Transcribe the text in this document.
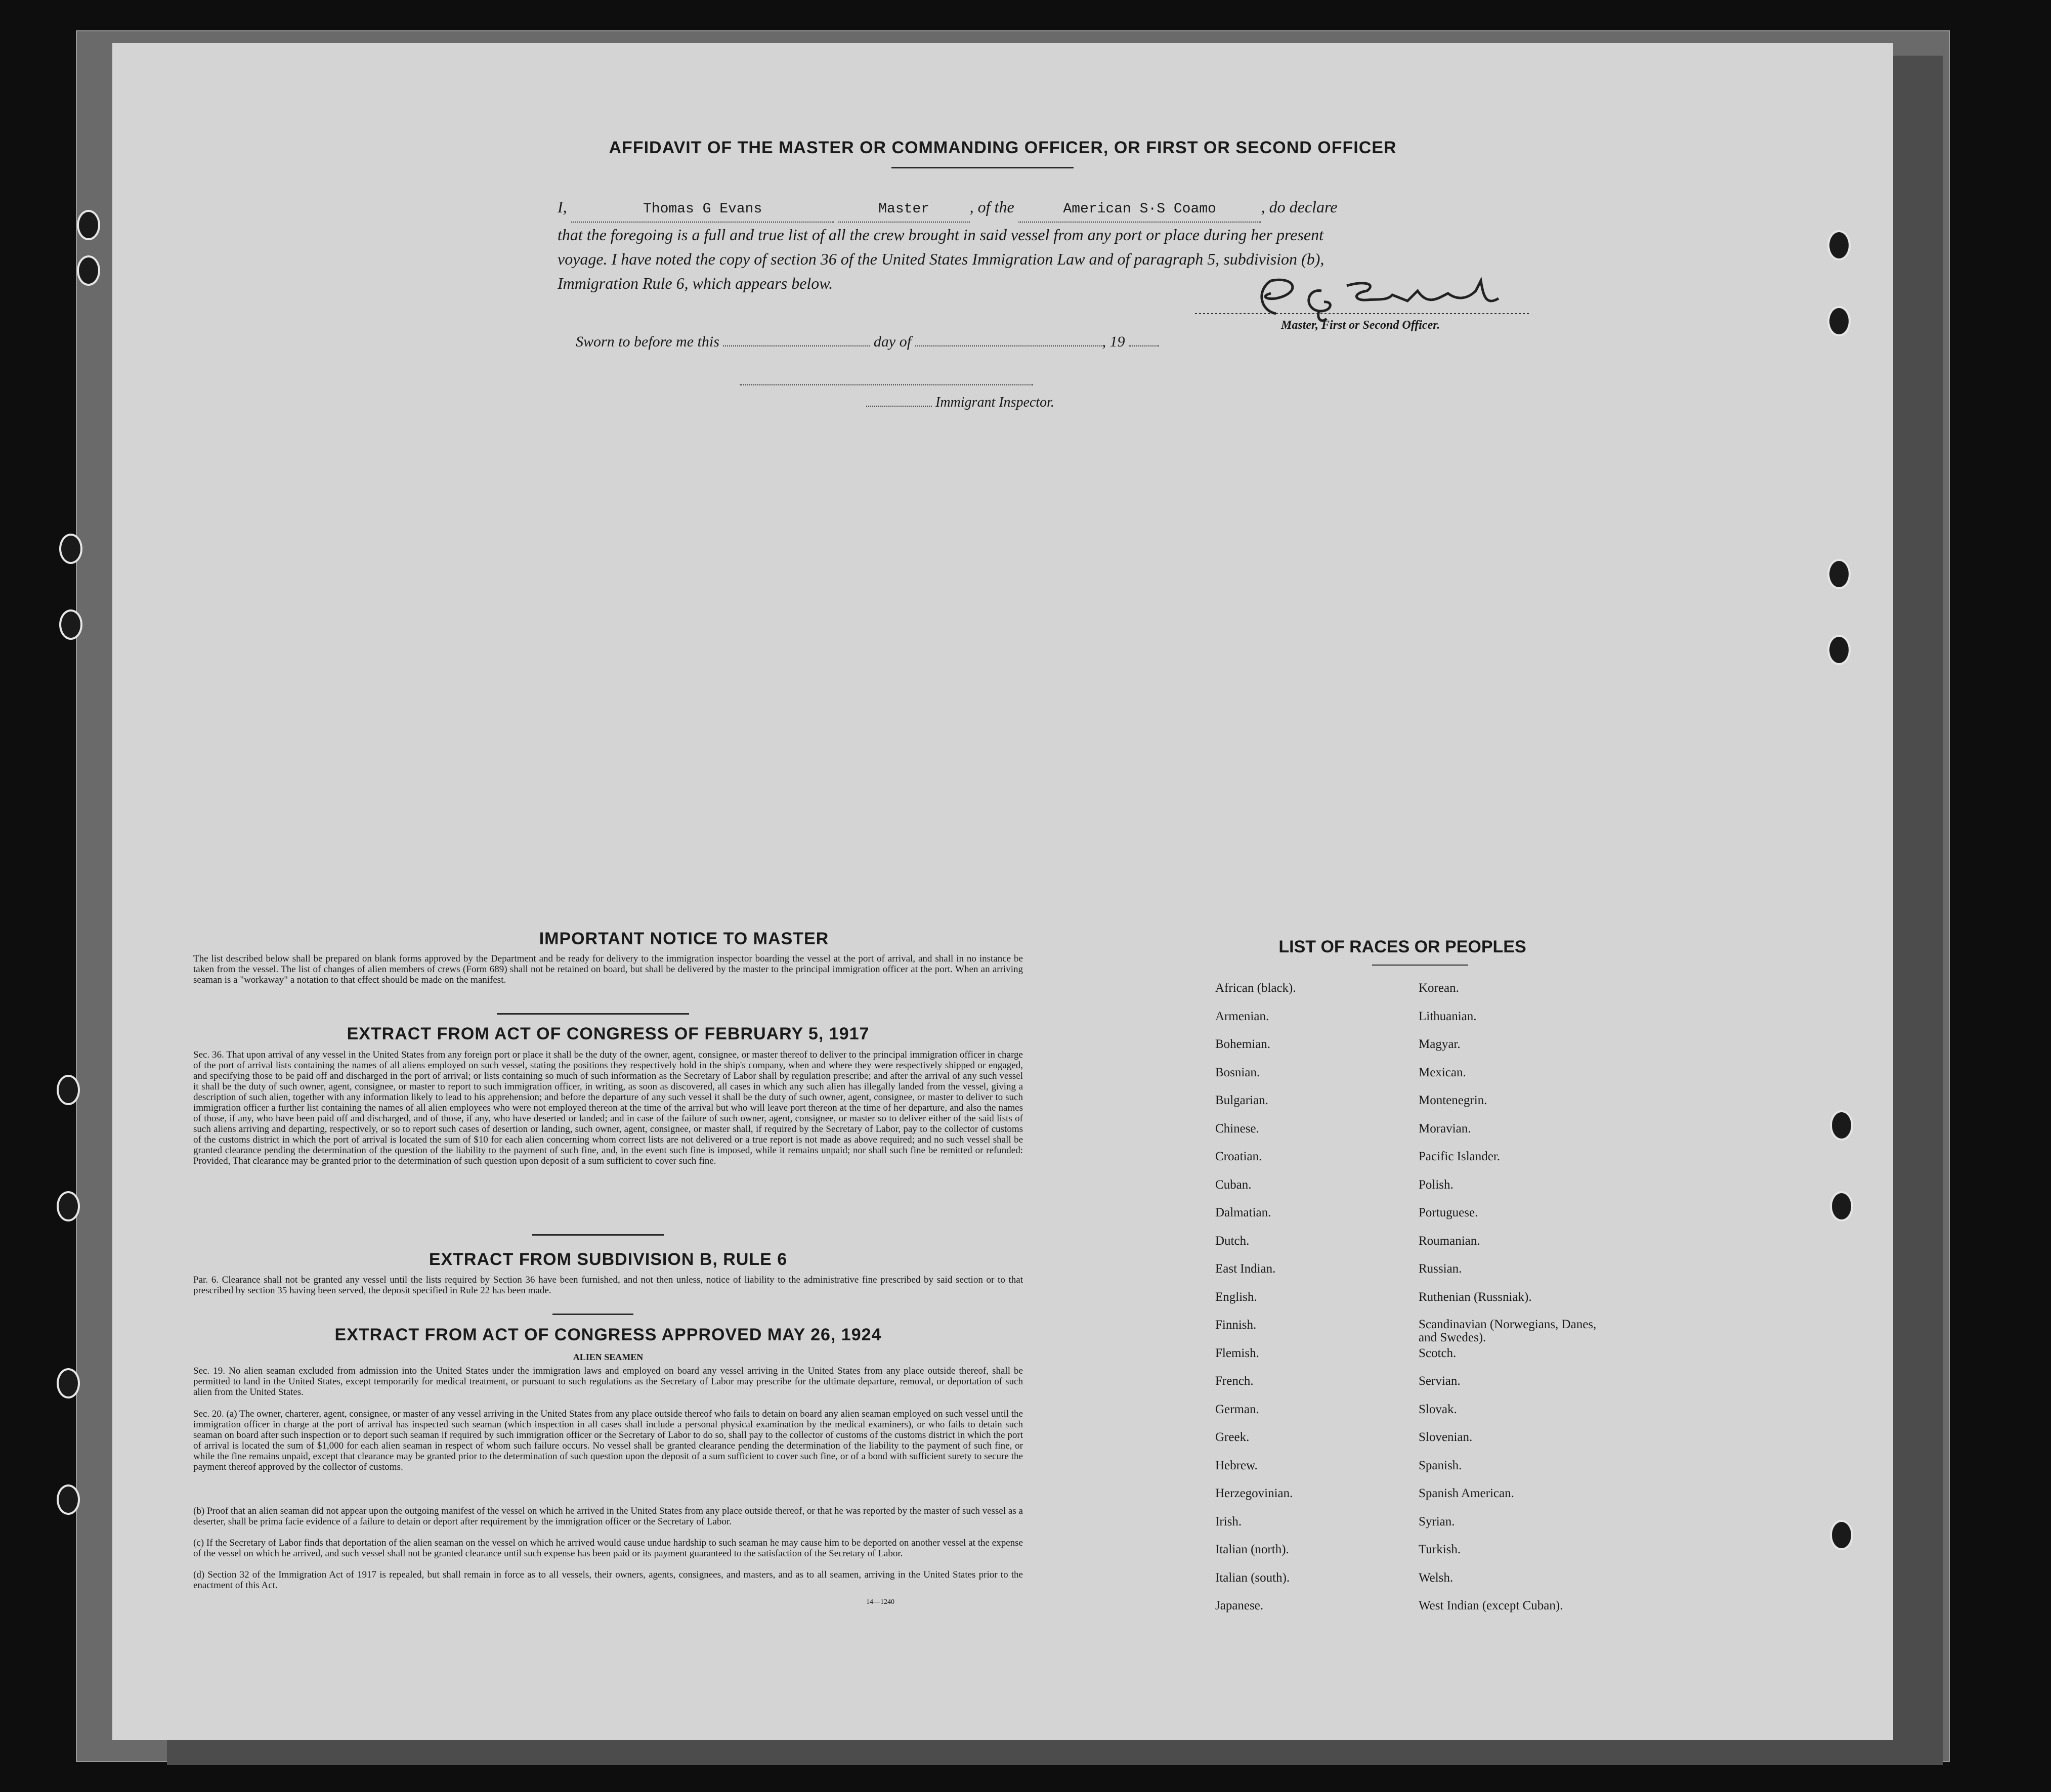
AFFIDAVIT OF THE MASTER OR COMMANDING OFFICER, OR FIRST OR SECOND OFFICER
I,	Thomas G Evans	Master , of the	American S·S Coamo	, do declare
that the foregoing is a full and true list of all the crew brought in said vessel from any port or place during her present
voyage. I have noted the copy of section 36 of the United States Immigration Law and of paragraph 5, subdivision (b),
Immigration Rule 6, which appears below.
Master, First or Second Officer.
Sworn to before me this	day of	, 19
Immigrant Inspector.
IMPORTANT NOTICE TO MASTER
The list described below shall be prepared on blank forms approved by the Department and be ready for delivery to the immigration inspector boarding the vessel at the port of arrival, and shall in no instance be taken from the vessel. The list of changes of alien members of crews (Form 689) shall not be retained on board, but shall be delivered by the master to the principal immigration officer at the port. When an arriving seaman is a "workaway" a notation to that effect should be made on the manifest.
EXTRACT FROM ACT OF CONGRESS OF FEBRUARY 5, 1917
Sec. 36. That upon arrival of any vessel in the United States from any foreign port or place it shall be the duty of the owner, agent, consignee, or master thereof to deliver to the principal immigration officer in charge of the port of arrival lists containing the names of all aliens employed on such vessel, stating the positions they respectively hold in the ship's company, when and where they were respectively shipped or engaged, and specifying those to be paid off and discharged in the port of arrival; or lists containing so much of such information as the Secretary of Labor shall by regulation prescribe; and after the arrival of any such vessel it shall be the duty of such owner, agent, consignee, or master to report to such immigration officer, in writing, as soon as discovered, all cases in which any such alien has illegally landed from the vessel, giving a description of such alien, together with any information likely to lead to his apprehension; and before the departure of any such vessel it shall be the duty of such owner, agent, consignee, or master to deliver to such immigration officer a further list containing the names of all alien employees who were not employed thereon at the time of the arrival but who will leave port thereon at the time of her departure, and also the names of those, if any, who have been paid off and discharged, and of those, if any, who have deserted or landed; and in case of the failure of such owner, agent, consignee, or master so to deliver either of the said lists of such aliens arriving and departing, respectively, or so to report such cases of desertion or landing, such owner, agent, consignee, or master shall, if required by the Secretary of Labor, pay to the collector of customs of the customs district in which the port of arrival is located the sum of $10 for each alien concerning whom correct lists are not delivered or a true report is not made as above required; and no such vessel shall be granted clearance pending the determination of the question of the liability to the payment of such fine, and, in the event such fine is imposed, while it remains unpaid; nor shall such fine be remitted or refunded: Provided, That clearance may be granted prior to the determination of such question upon deposit of a sum sufficient to cover such fine.
EXTRACT FROM SUBDIVISION B, RULE 6
Par. 6. Clearance shall not be granted any vessel until the lists required by Section 36 have been furnished, and not then unless, notice of liability to the administrative fine prescribed by said section or to that prescribed by section 35 having been served, the deposit specified in Rule 22 has been made.
EXTRACT FROM ACT OF CONGRESS APPROVED MAY 26, 1924
ALIEN SEAMEN
Sec. 19. No alien seaman excluded from admission into the United States under the immigration laws and employed on board any vessel arriving in the United States from any place outside thereof, shall be permitted to land in the United States, except temporarily for medical treatment, or pursuant to such regulations as the Secretary of Labor may prescribe for the ultimate departure, removal, or deportation of such alien from the United States.
Sec. 20. (a) The owner, charterer, agent, consignee, or master of any vessel arriving in the United States from any place outside thereof who fails to detain on board any alien seaman employed on such vessel until the immigration officer in charge at the port of arrival has inspected such seaman (which inspection in all cases shall include a personal physical examination by the medical examiners), or who fails to detain such seaman on board after such inspection or to deport such seaman if required by such immigration officer or the Secretary of Labor to do so, shall pay to the collector of customs of the customs district in which the port of arrival is located the sum of $1,000 for each alien seaman in respect of whom such failure occurs. No vessel shall be granted clearance pending the determination of the liability to the payment of such fine, or while the fine remains unpaid, except that clearance may be granted prior to the determination of such question upon the deposit of a sum sufficient to cover such fine, or of a bond with sufficient surety to secure the payment thereof approved by the collector of customs.
(b) Proof that an alien seaman did not appear upon the outgoing manifest of the vessel on which he arrived in the United States from any place outside thereof, or that he was reported by the master of such vessel as a deserter, shall be prima facie evidence of a failure to detain or deport after requirement by the immigration officer or the Secretary of Labor.
(c) If the Secretary of Labor finds that deportation of the alien seaman on the vessel on which he arrived would cause undue hardship to such seaman he may cause him to be deported on another vessel at the expense of the vessel on which he arrived, and such vessel shall not be granted clearance until such expense has been paid or its payment guaranteed to the satisfaction of the Secretary of Labor.
(d) Section 32 of the Immigration Act of 1917 is repealed, but shall remain in force as to all vessels, their owners, agents, consignees, and masters, and as to all seamen, arriving in the United States prior to the enactment of this Act.
14—1240
LIST OF RACES OR PEOPLES
African (black).
Armenian.
Bohemian.
Bosnian.
Bulgarian.
Chinese.
Croatian.
Cuban.
Dalmatian.
Dutch.
East Indian.
English.
Finnish.
Flemish.
French.
German.
Greek.
Hebrew.
Herzegovinian.
Irish.
Italian (north).
Italian (south).
Japanese.
Korean.
Lithuanian.
Magyar.
Mexican.
Montenegrin.
Moravian.
Pacific Islander.
Polish.
Portuguese.
Roumanian.
Russian.
Ruthenian (Russniak).
Scandinavian (Norwegians, Danes, and Swedes).
Scotch.
Servian.
Slovak.
Slovenian.
Spanish.
Spanish American.
Syrian.
Turkish.
Welsh.
West Indian (except Cuban).
